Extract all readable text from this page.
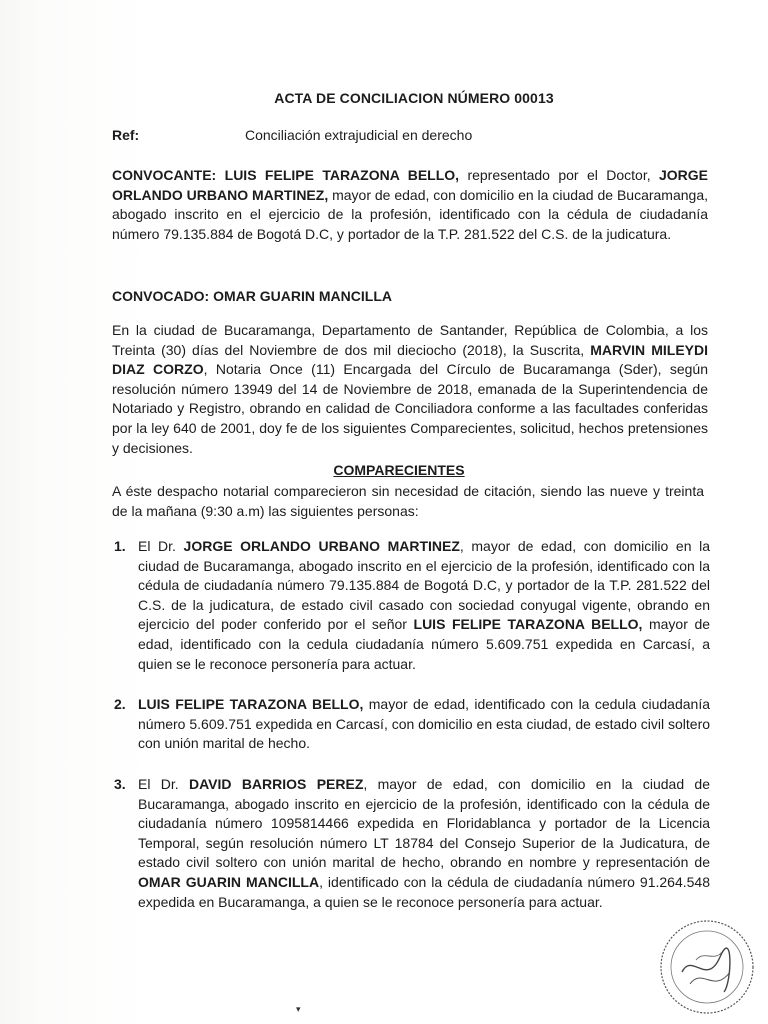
ACTA DE CONCILIACION NÚMERO 00013
Ref:	Conciliación extrajudicial en derecho

CONVOCANTE: LUIS FELIPE TARAZONA BELLO, representado por el Doctor, JORGE ORLANDO URBANO MARTINEZ, mayor de edad, con domicilio en la ciudad de Bucaramanga, abogado inscrito en el ejercicio de la profesión, identificado con la cédula de ciudadanía número 79.135.884 de Bogotá D.C, y portador de la T.P. 281.522 del C.S. de la judicatura.

CONVOCADO: OMAR GUARIN MANCILLA

En la ciudad de Bucaramanga, Departamento de Santander, República de Colombia, a los Treinta (30) días del Noviembre de dos mil dieciocho (2018), la Suscrita, MARVIN MILEYDI DIAZ CORZO, Notaria Once (11) Encargada del Círculo de Bucaramanga (Sder), según resolución número 13949 del 14 de Noviembre de 2018, emanada de la Superintendencia de Notariado y Registro, obrando en calidad de Conciliadora conforme a las facultades conferidas por la ley 640 de 2001, doy fe de los siguientes Comparecientes, solicitud, hechos pretensiones y decisiones.

COMPARECIENTES

A éste despacho notarial comparecieron sin necesidad de citación, siendo las nueve y treinta de la mañana (9:30 a.m) las siguientes personas:

1. El Dr. JORGE ORLANDO URBANO MARTINEZ, mayor de edad, con domicilio en la ciudad de Bucaramanga, abogado inscrito en el ejercicio de la profesión, identificado con la cédula de ciudadanía número 79.135.884 de Bogotá D.C, y portador de la T.P. 281.522 del C.S. de la judicatura, de estado civil casado con sociedad conyugal vigente, obrando en ejercicio del poder conferido por el señor LUIS FELIPE TARAZONA BELLO, mayor de edad, identificado con la cedula ciudadanía número 5.609.751 expedida en Carcasí, a quien se le reconoce personería para actuar.
2. LUIS FELIPE TARAZONA BELLO, mayor de edad, identificado con la cedula ciudadanía número 5.609.751 expedida en Carcasí, con domicilio en esta ciudad, de estado civil soltero con unión marital de hecho.
3. El Dr. DAVID BARRIOS PEREZ, mayor de edad, con domicilio en la ciudad de Bucaramanga, abogado inscrito en ejercicio de la profesión, identificado con la cédula de ciudadanía número 1095814466 expedida en Floridablanca y portador de la Licencia Temporal, según resolución número LT 18784 del Consejo Superior de la Judicatura, de estado civil soltero con unión marital de hecho, obrando en nombre y representación de OMAR GUARIN MANCILLA, identificado con la cédula de ciudadanía número 91.264.548 expedida en Bucaramanga, a quien se le reconoce personería para actuar.
▾
